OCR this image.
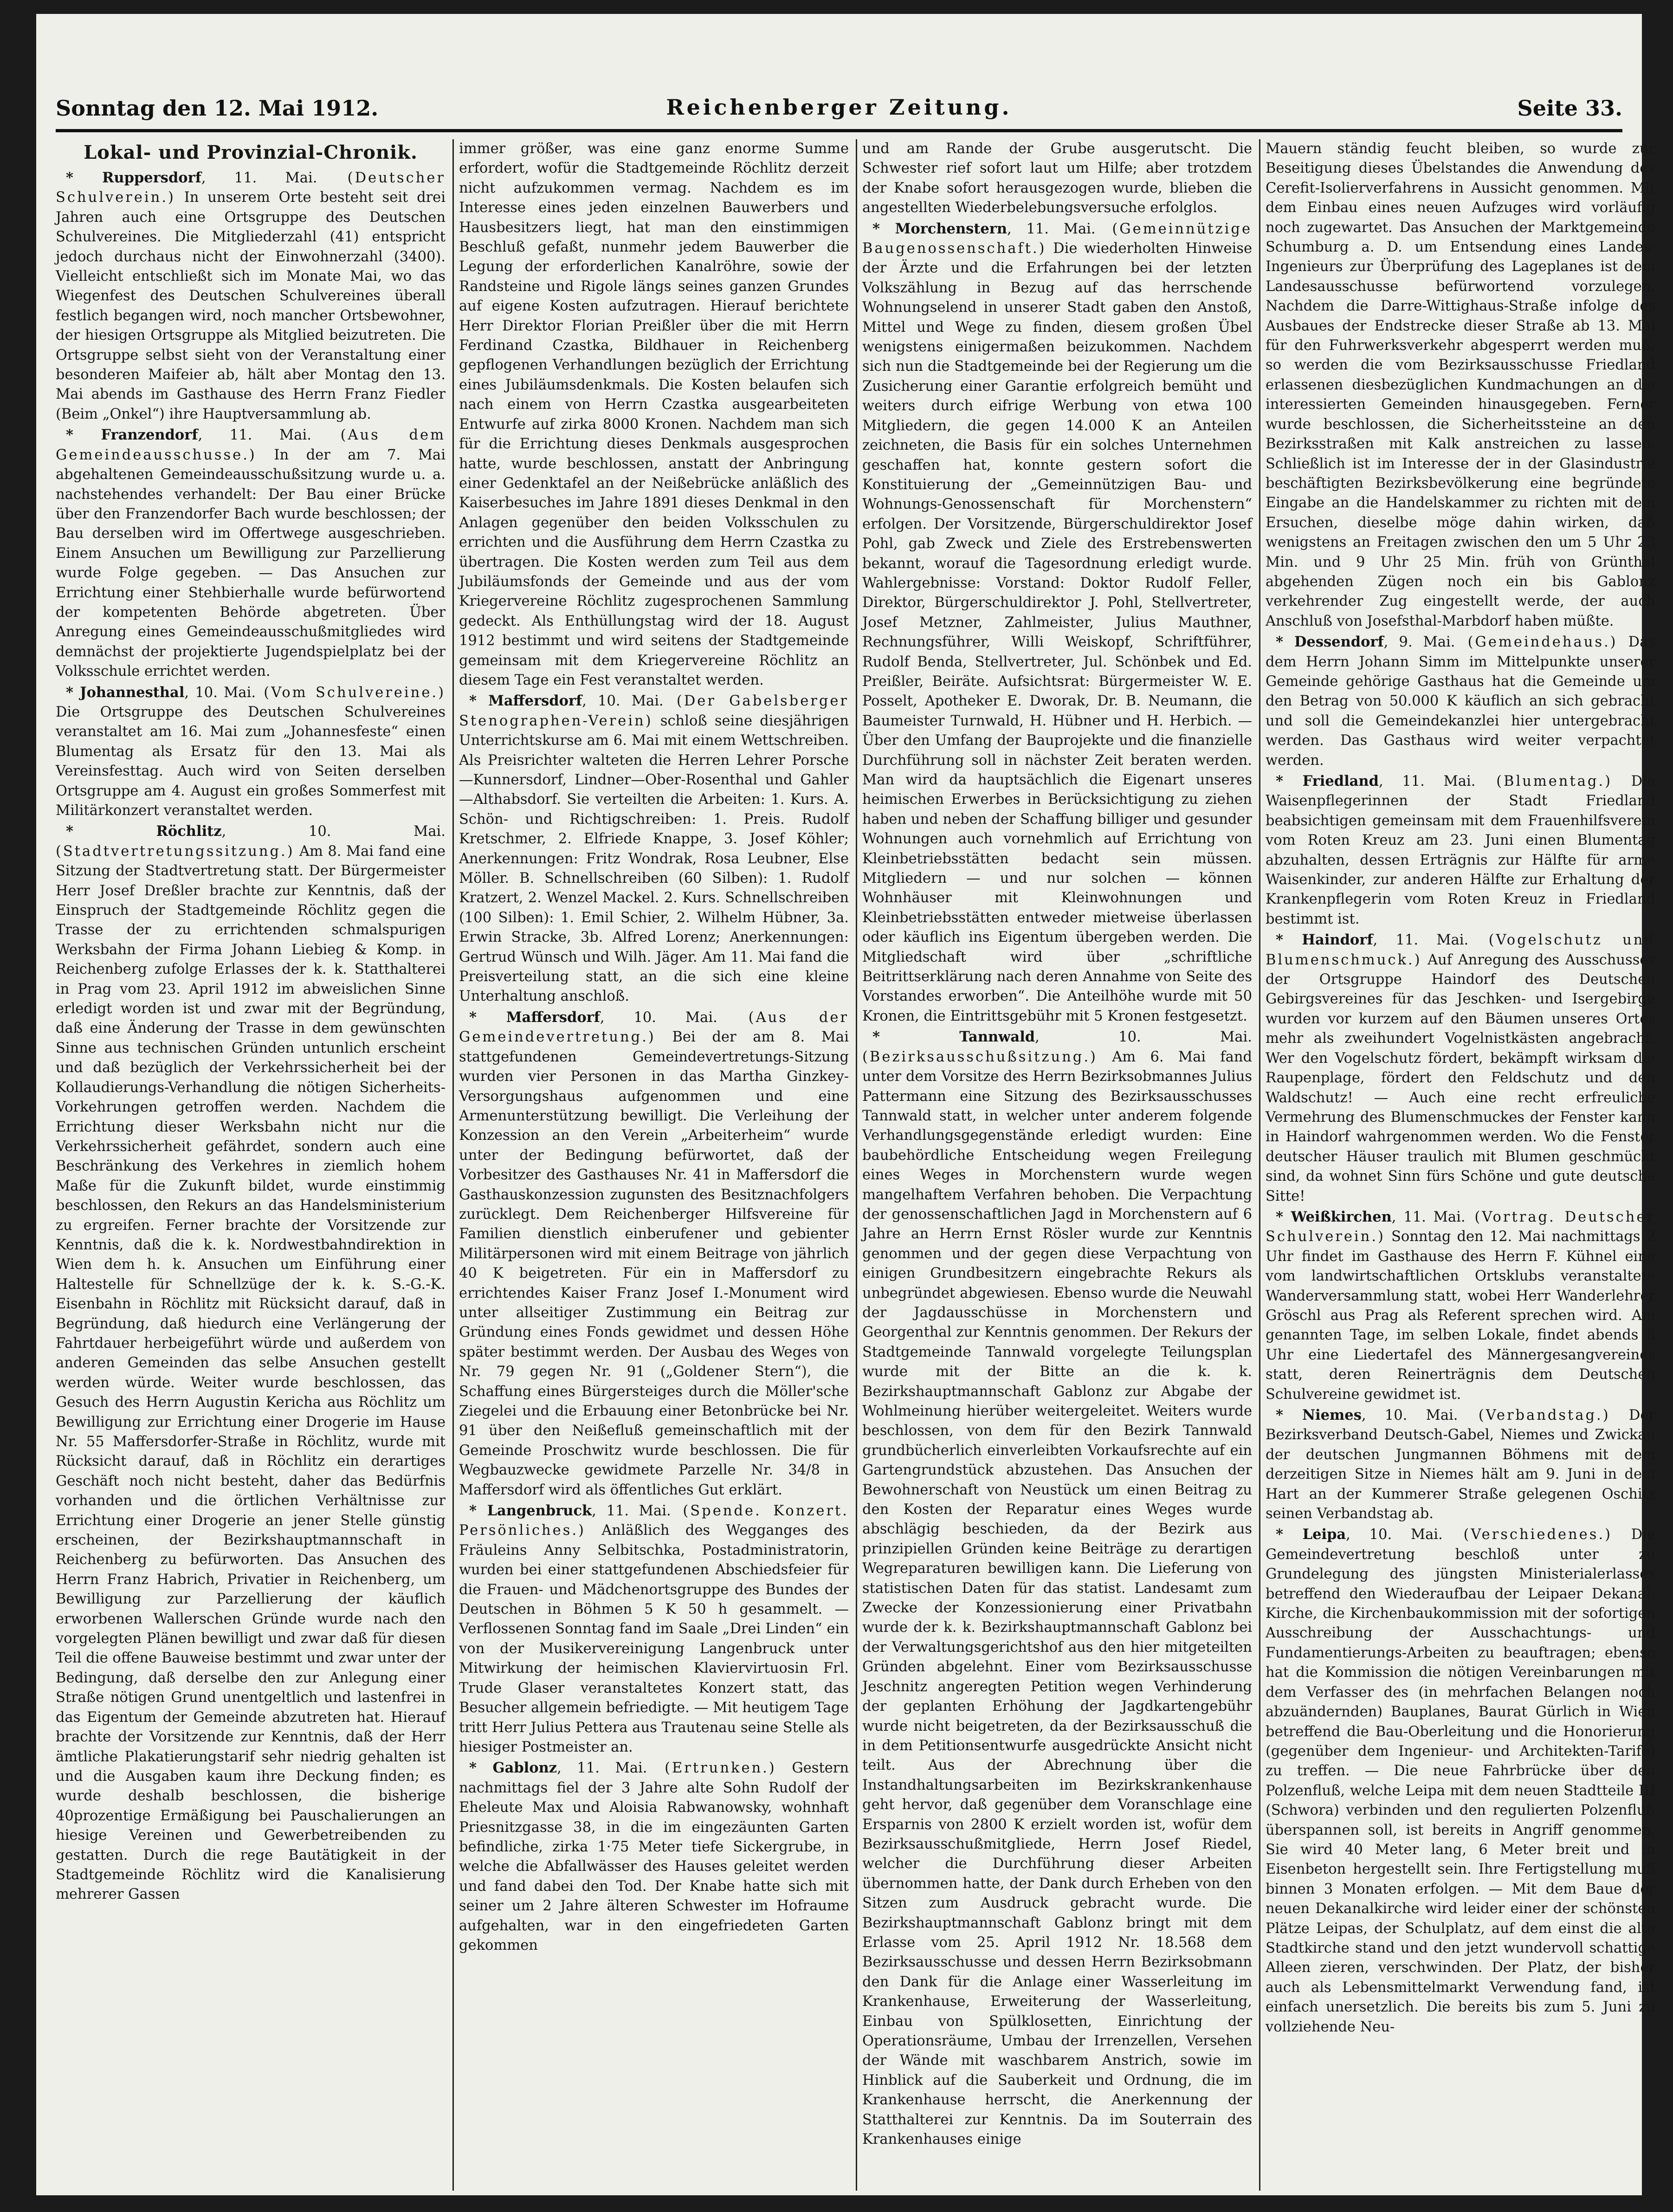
Sonntag den 12. Mai 1912.	Reichenberger Zeitung.	Seite 33.
Lokal- und Provinzial-Chronik.

* Ruppersdorf, 11. Mai. (Deutscher Schulverein.) In unserem Orte besteht seit drei Jahren auch eine Ortsgruppe des Deutschen Schulvereines. Die Mitgliederzahl (41) entspricht jedoch durchaus nicht der Einwohnerzahl (3400). Vielleicht entschließt sich im Monate Mai, wo das Wiegenfest des Deutschen Schulvereines überall festlich begangen wird, noch mancher Ortsbewohner, der hiesigen Ortsgruppe als Mitglied beizutreten. Die Ortsgruppe selbst sieht von der Veranstaltung einer besonderen Maifeier ab, hält aber Montag den 13. Mai abends im Gasthause des Herrn Franz Fiedler (Beim „Onkel“) ihre Hauptversammlung ab.

* Franzendorf, 11. Mai. (Aus dem Gemeindeausschusse.) In der am 7. Mai abgehaltenen Gemeindeausschußsitzung wurde u. a. nachstehendes verhandelt: Der Bau einer Brücke über den Franzendorfer Bach wurde beschlossen; der Bau derselben wird im Offertwege ausgeschrieben. Einem Ansuchen um Bewilligung zur Parzellierung wurde Folge gegeben. — Das Ansuchen zur Errichtung einer Stehbierhalle wurde befürwortend der kompetenten Behörde abgetreten. Über Anregung eines Gemeindeausschußmitgliedes wird demnächst der projektierte Jugendspielplatz bei der Volksschule errichtet werden.

* Johannesthal, 10. Mai. (Vom Schulvereine.) Die Ortsgruppe des Deutschen Schulvereines veranstaltet am 16. Mai zum „Johannesfeste“ einen Blumentag als Ersatz für den 13. Mai als Vereinsfesttag. Auch wird von Seiten derselben Ortsgruppe am 4. August ein großes Sommerfest mit Militärkonzert veranstaltet werden.

* Röchlitz, 10. Mai. (Stadtvertretungssitzung.) Am 8. Mai fand eine Sitzung der Stadtvertretung statt. Der Bürgermeister Herr Josef Dreßler brachte zur Kenntnis, daß der Einspruch der Stadtgemeinde Röchlitz gegen die Trasse der zu errichtenden schmalspurigen Werksbahn der Firma Johann Liebieg & Komp. in Reichenberg zufolge Erlasses der k. k. Statthalterei in Prag vom 23. April 1912 im abweislichen Sinne erledigt worden ist und zwar mit der Begründung, daß eine Änderung der Trasse in dem gewünschten Sinne aus technischen Gründen untunlich erscheint und daß bezüglich der Verkehrssicherheit bei der Kollaudierungs-Verhandlung die nötigen Sicherheits-Vorkehrungen getroffen werden. Nachdem die Errichtung dieser Werksbahn nicht nur die Verkehrssicherheit gefährdet, sondern auch eine Beschränkung des Verkehres in ziemlich hohem Maße für die Zukunft bildet, wurde einstimmig beschlossen, den Rekurs an das Handelsministerium zu ergreifen. Ferner brachte der Vorsitzende zur Kenntnis, daß die k. k. Nordwestbahndirektion in Wien dem h. k. Ansuchen um Einführung einer Haltestelle für Schnellzüge der k. k. S.-G.-K. Eisenbahn in Röchlitz mit Rücksicht darauf, daß in Begründung, daß hiedurch eine Verlängerung der Fahrtdauer herbeigeführt würde und außerdem von anderen Gemeinden das selbe Ansuchen gestellt werden würde. Weiter wurde beschlossen, das Gesuch des Herrn Augustin Kericha aus Röchlitz um Bewilligung zur Errichtung einer Drogerie im Hause Nr. 55 Maffersdorfer-Straße in Röchlitz, wurde mit Rücksicht darauf, daß in Röchlitz ein derartiges Geschäft noch nicht besteht, daher das Bedürfnis vorhanden und die örtlichen Verhältnisse zur Errichtung einer Drogerie an jener Stelle günstig erscheinen, der Bezirkshauptmannschaft in Reichenberg zu befürworten. Das Ansuchen des Herrn Franz Habrich, Privatier in Reichenberg, um Bewilligung zur Parzellierung der käuflich erworbenen Wallerschen Gründe wurde nach den vorgelegten Plänen bewilligt und zwar daß für diesen Teil die offene Bauweise bestimmt und zwar unter der Bedingung, daß derselbe den zur Anlegung einer Straße nötigen Grund unentgeltlich und lastenfrei in das Eigentum der Gemeinde abzutreten hat. Hierauf brachte der Vorsitzende zur Kenntnis, daß der Herr ämtliche Plakatierungstarif sehr niedrig gehalten ist und die Ausgaben kaum ihre Deckung finden; es wurde deshalb beschlossen, die bisherige 40prozentige Ermäßigung bei Pauschalierungen an hiesige Vereinen und Gewerbetreibenden zu gestatten. Durch die rege Bautätigkeit in der Stadtgemeinde Röchlitz wird die Kanalisierung mehrerer Gassen

immer größer, was eine ganz enorme Summe erfordert, wofür die Stadtgemeinde Röchlitz derzeit nicht aufzukommen vermag. Nachdem es im Interesse eines jeden einzelnen Bauwerbers und Hausbesitzers liegt, hat man den einstimmigen Beschluß gefaßt, nunmehr jedem Bauwerber die Legung der erforderlichen Kanalröhre, sowie der Randsteine und Rigole längs seines ganzen Grundes auf eigene Kosten aufzutragen. Hierauf berichtete Herr Direktor Florian Preißler über die mit Herrn Ferdinand Czastka, Bildhauer in Reichenberg gepflogenen Verhandlungen bezüglich der Errichtung eines Jubiläumsdenkmals. Die Kosten belaufen sich nach einem von Herrn Czastka ausgearbeiteten Entwurfe auf zirka 8000 Kronen. Nachdem man sich für die Errichtung dieses Denkmals ausgesprochen hatte, wurde beschlossen, anstatt der Anbringung einer Gedenktafel an der Neißebrücke anläßlich des Kaiserbesuches im Jahre 1891 dieses Denkmal in den Anlagen gegenüber den beiden Volksschulen zu errichten und die Ausführung dem Herrn Czastka zu übertragen. Die Kosten werden zum Teil aus dem Jubiläumsfonds der Gemeinde und aus der vom Kriegervereine Röchlitz zugesprochenen Sammlung gedeckt. Als Enthüllungstag wird der 18. August 1912 bestimmt und wird seitens der Stadtgemeinde gemeinsam mit dem Kriegervereine Röchlitz an diesem Tage ein Fest veranstaltet werden.

* Maffersdorf, 10. Mai. (Der Gabelsberger Stenographen-Verein) schloß seine diesjährigen Unterrichtskurse am 6. Mai mit einem Wettschreiben. Als Preisrichter walteten die Herren Lehrer Porsche—Kunnersdorf, Lindner—Ober-Rosenthal und Gahler—Althabsdorf. Sie verteilten die Arbeiten: 1. Kurs. A. Schön- und Richtigschreiben: 1. Preis. Rudolf Kretschmer, 2. Elfriede Knappe, 3. Josef Köhler; Anerkennungen: Fritz Wondrak, Rosa Leubner, Else Möller. B. Schnellschreiben (60 Silben): 1. Rudolf Kratzert, 2. Wenzel Mackel. 2. Kurs. Schnellschreiben (100 Silben): 1. Emil Schier, 2. Wilhelm Hübner, 3a. Erwin Stracke, 3b. Alfred Lorenz; Anerkennungen: Gertrud Wünsch und Wilh. Jäger. Am 11. Mai fand die Preisverteilung statt, an die sich eine kleine Unterhaltung anschloß.

* Maffersdorf, 10. Mai. (Aus der Gemeindevertretung.) Bei der am 8. Mai stattgefundenen Gemeindevertretungs-Sitzung wurden vier Personen in das Martha Ginzkey-Versorgungshaus aufgenommen und eine Armenunterstützung bewilligt. Die Verleihung der Konzession an den Verein „Arbeiterheim“ wurde unter der Bedingung befürwortet, daß der Vorbesitzer des Gasthauses Nr. 41 in Maffersdorf die Gasthauskonzession zugunsten des Besitznachfolgers zurücklegt. Dem Reichenberger Hilfsvereine für Familien dienstlich einberufener und gebienter Militärpersonen wird mit einem Beitrage von jährlich 40 K beigetreten. Für ein in Maffersdorf zu errichtendes Kaiser Franz Josef I.-Monument wird unter allseitiger Zustimmung ein Beitrag zur Gründung eines Fonds gewidmet und dessen Höhe später bestimmt werden. Der Ausbau des Weges von Nr. 79 gegen Nr. 91 („Goldener Stern“), die Schaffung eines Bürgersteiges durch die Möller'sche Ziegelei und die Erbauung einer Betonbrücke bei Nr. 91 über den Neißefluß gemeinschaftlich mit der Gemeinde Proschwitz wurde beschlossen. Die für Wegbauzwecke gewidmete Parzelle Nr. 34/8 in Maffersdorf wird als öffentliches Gut erklärt.

* Langenbruck, 11. Mai. (Spende. Konzert. Persönliches.) Anläßlich des Wegganges des Fräuleins Anny Selbitschka, Postadministratorin, wurden bei einer stattgefundenen Abschiedsfeier für die Frauen- und Mädchenortsgruppe des Bundes der Deutschen in Böhmen 5 K 50 h gesammelt. — Verflossenen Sonntag fand im Saale „Drei Linden“ ein von der Musikervereinigung Langenbruck unter Mitwirkung der heimischen Klaviervirtuosin Frl. Trude Glaser veranstaltetes Konzert statt, das Besucher allgemein befriedigte. — Mit heutigem Tage tritt Herr Julius Pettera aus Trautenau seine Stelle als hiesiger Postmeister an.

* Gablonz, 11. Mai. (Ertrunken.) Gestern nachmittags fiel der 3 Jahre alte Sohn Rudolf der Eheleute Max und Aloisia Rabwanowsky, wohnhaft Priesnitzgasse 38, in die im eingezäunten Garten befindliche, zirka 1·75 Meter tiefe Sickergrube, in welche die Abfallwässer des Hauses geleitet werden und fand dabei den Tod. Der Knabe hatte sich mit seiner um 2 Jahre älteren Schwester im Hofraume aufgehalten, war in den eingefriedeten Garten gekommen

und am Rande der Grube ausgerutscht. Die Schwester rief sofort laut um Hilfe; aber trotzdem der Knabe sofort herausgezogen wurde, blieben die angestellten Wiederbelebungsversuche erfolglos.

* Morchenstern, 11. Mai. (Gemeinnützige Baugenossenschaft.) Die wiederholten Hinweise der Ärzte und die Erfahrungen bei der letzten Volkszählung in Bezug auf das herrschende Wohnungselend in unserer Stadt gaben den Anstoß, Mittel und Wege zu finden, diesem großen Übel wenigstens einigermaßen beizukommen. Nachdem sich nun die Stadtgemeinde bei der Regierung um die Zusicherung einer Garantie erfolgreich bemüht und weiters durch eifrige Werbung von etwa 100 Mitgliedern, die gegen 14.000 K an Anteilen zeichneten, die Basis für ein solches Unternehmen geschaffen hat, konnte gestern sofort die Konstituierung der „Gemeinnützigen Bau- und Wohnungs-Genossenschaft für Morchenstern“ erfolgen. Der Vorsitzende, Bürgerschuldirektor Josef Pohl, gab Zweck und Ziele des Erstrebenswerten bekannt, worauf die Tagesordnung erledigt wurde. Wahlergebnisse: Vorstand: Doktor Rudolf Feller, Direktor, Bürgerschuldirektor J. Pohl, Stellvertreter, Josef Metzner, Zahlmeister, Julius Mauthner, Rechnungsführer, Willi Weiskopf, Schriftführer, Rudolf Benda, Stellvertreter, Jul. Schönbek und Ed. Preißler, Beiräte. Aufsichtsrat: Bürgermeister W. E. Posselt, Apotheker E. Dworak, Dr. B. Neumann, die Baumeister Turnwald, H. Hübner und H. Herbich. — Über den Umfang der Bauprojekte und die finanzielle Durchführung soll in nächster Zeit beraten werden. Man wird da hauptsächlich die Eigenart unseres heimischen Erwerbes in Berücksichtigung zu ziehen haben und neben der Schaffung billiger und gesunder Wohnungen auch vornehmlich auf Errichtung von Kleinbetriebsstätten bedacht sein müssen. Mitgliedern — und nur solchen — können Wohnhäuser mit Kleinwohnungen und Kleinbetriebsstätten entweder mietweise überlassen oder käuflich ins Eigentum übergeben werden. Die Mitgliedschaft wird über „schriftliche Beitrittserklärung nach deren Annahme von Seite des Vorstandes erworben“. Die Anteilhöhe wurde mit 50 Kronen, die Eintrittsgebühr mit 5 Kronen festgesetzt.

* Tannwald, 10. Mai. (Bezirksausschußsitzung.) Am 6. Mai fand unter dem Vorsitze des Herrn Bezirksobmannes Julius Pattermann eine Sitzung des Bezirksausschusses Tannwald statt, in welcher unter anderem folgende Verhandlungsgegenstände erledigt wurden: Eine baubehördliche Entscheidung wegen Freilegung eines Weges in Morchenstern wurde wegen mangelhaftem Verfahren behoben. Die Verpachtung der genossenschaftlichen Jagd in Morchenstern auf 6 Jahre an Herrn Ernst Rösler wurde zur Kenntnis genommen und der gegen diese Verpachtung von einigen Grundbesitzern eingebrachte Rekurs als unbegründet abgewiesen. Ebenso wurde die Neuwahl der Jagdausschüsse in Morchenstern und Georgenthal zur Kenntnis genommen. Der Rekurs der Stadtgemeinde Tannwald vorgelegte Teilungsplan wurde mit der Bitte an die k. k. Bezirkshauptmannschaft Gablonz zur Abgabe der Wohlmeinung hierüber weitergeleitet. Weiters wurde beschlossen, von dem für den Bezirk Tannwald grundbücherlich einverleibten Vorkaufsrechte auf ein Gartengrundstück abzustehen. Das Ansuchen der Bewohnerschaft von Neustück um einen Beitrag zu den Kosten der Reparatur eines Weges wurde abschlägig beschieden, da der Bezirk aus prinzipiellen Gründen keine Beiträge zu derartigen Wegreparaturen bewilligen kann. Die Lieferung von statistischen Daten für das statist. Landesamt zum Zwecke der Konzessionierung einer Privatbahn wurde der k. k. Bezirkshauptmannschaft Gablonz bei der Verwaltungsgerichtshof aus den hier mitgeteilten Gründen abgelehnt. Einer vom Bezirksausschusse Jeschnitz angeregten Petition wegen Verhinderung der geplanten Erhöhung der Jagdkartengebühr wurde nicht beigetreten, da der Bezirksausschuß die in dem Petitionsentwurfe ausgedrückte Ansicht nicht teilt. Aus der Abrechnung über die Instandhaltungsarbeiten im Bezirkskrankenhause geht hervor, daß gegenüber dem Voranschlage eine Ersparnis von 2800 K erzielt worden ist, wofür dem Bezirksausschußmitgliede, Herrn Josef Riedel, welcher die Durchführung dieser Arbeiten übernommen hatte, der Dank durch Erheben von den Sitzen zum Ausdruck gebracht wurde. Die Bezirkshauptmannschaft Gablonz bringt mit dem Erlasse vom 25. April 1912 Nr. 18.568 dem Bezirksausschusse und dessen Herrn Bezirksobmann den Dank für die Anlage einer Wasserleitung im Krankenhause, Erweiterung der Wasserleitung, Einbau von Spülklosetten, Einrichtung der Operationsräume, Umbau der Irrenzellen, Versehen der Wände mit waschbarem Anstrich, sowie im Hinblick auf die Sauberkeit und Ordnung, die im Krankenhause herrscht, die Anerkennung der Statthalterei zur Kenntnis. Da im Souterrain des Krankenhauses einige

Mauern ständig feucht bleiben, so wurde zur Beseitigung dieses Übelstandes die Anwendung des Cerefit-Isolierverfahrens in Aussicht genommen. Mit dem Einbau eines neuen Aufzuges wird vorläufig noch zugewartet. Das Ansuchen der Marktgemeinde Schumburg a. D. um Entsendung eines Landes-Ingenieurs zur Überprüfung des Lageplanes ist dem Landesausschusse befürwortend vorzulegen. Nachdem die Darre-Wittighaus-Straße infolge des Ausbaues der Endstrecke dieser Straße ab 13. Mai für den Fuhrwerksverkehr abgesperrt werden muß, so werden die vom Bezirksausschusse Friedland erlassenen diesbezüglichen Kundmachungen an die interessierten Gemeinden hinausgegeben. Ferner wurde beschlossen, die Sicherheitssteine an den Bezirksstraßen mit Kalk anstreichen zu lassen. Schließlich ist im Interesse der in der Glasindustrie beschäftigten Bezirksbevölkerung eine begründete Eingabe an die Handelskammer zu richten mit dem Ersuchen, dieselbe möge dahin wirken, daß wenigstens an Freitagen zwischen den um 5 Uhr 23 Min. und 9 Uhr 25 Min. früh von Grünthal abgehenden Zügen noch ein bis Gablonz verkehrender Zug eingestellt werde, der auch Anschluß von Josefsthal-Marbdorf haben müßte.

* Dessendorf, 9. Mai. (Gemeindehaus.) Das dem Herrn Johann Simm im Mittelpunkte unserer Gemeinde gehörige Gasthaus hat die Gemeinde um den Betrag von 50.000 K käuflich an sich gebracht und soll die Gemeindekanzlei hier untergebracht werden. Das Gasthaus wird weiter verpachtet werden.

* Friedland, 11. Mai. (Blumentag.) Die Waisenpflegerinnen der Stadt Friedland beabsichtigen gemeinsam mit dem Frauenhilfsverein vom Roten Kreuz am 23. Juni einen Blumentag abzuhalten, dessen Erträgnis zur Hälfte für arme Waisenkinder, zur anderen Hälfte zur Erhaltung der Krankenpflegerin vom Roten Kreuz in Friedland bestimmt ist.

* Haindorf, 11. Mai. (Vogelschutz und Blumenschmuck.) Auf Anregung des Ausschusses der Ortsgruppe Haindorf des Deutschen Gebirgsvereines für das Jeschken- und Isergebirge wurden vor kurzem auf den Bäumen unseres Ortes mehr als zweihundert Vogelnistkästen angebracht. Wer den Vogelschutz fördert, bekämpft wirksam die Raupenplage, fördert den Feldschutz und den Waldschutz! — Auch eine recht erfreuliche Vermehrung des Blumenschmuckes der Fenster kann in Haindorf wahrgenommen werden. Wo die Fenster deutscher Häuser traulich mit Blumen geschmückt sind, da wohnet Sinn fürs Schöne und gute deutsche Sitte!

* Weißkirchen, 11. Mai. (Vortrag. Deutscher Schulverein.) Sonntag den 12. Mai nachmittags 2 Uhr findet im Gasthause des Herrn F. Kühnel eine vom landwirtschaftlichen Ortsklubs veranstaltete Wanderversammlung statt, wobei Herr Wanderlehrer Gröschl aus Prag als Referent sprechen wird. Am genannten Tage, im selben Lokale, findet abends 8 Uhr eine Liedertafel des Männergesangvereines statt, deren Reinerträgnis dem Deutschen Schulvereine gewidmet ist.

* Niemes, 10. Mai. (Verbandstag.) Der Bezirksverband Deutsch-Gabel, Niemes und Zwickau der deutschen Jungmannen Böhmens mit dem derzeitigen Sitze in Niemes hält am 9. Juni in dem Hart an der Kummerer Straße gelegenen Oschitz seinen Verbandstag ab.

* Leipa, 10. Mai. (Verschiedenes.) Die Gemeindevertretung beschloß unter zu Grundelegung des jüngsten Ministerialerlasses betreffend den Wiederaufbau der Leipaer Dekanal-Kirche, die Kirchenbaukommission mit der sofortigen Ausschreibung der Ausschachtungs- und Fundamentierungs-Arbeiten zu beauftragen; ebenso hat die Kommission die nötigen Vereinbarungen mit dem Verfasser des (in mehrfachen Belangen noch abzuändernden) Bauplanes, Baurat Gürlich in Wien betreffend die Bau-Oberleitung und die Honorierung (gegenüber dem Ingenieur- und Architekten-Tarife) zu treffen. — Die neue Fahrbrücke über den Polzenfluß, welche Leipa mit dem neuen Stadtteile III (Schwora) verbinden und den regulierten Polzenfluß überspannen soll, ist bereits in Angriff genommen. Sie wird 40 Meter lang, 6 Meter breit und in Eisenbeton hergestellt sein. Ihre Fertigstellung muß binnen 3 Monaten erfolgen. — Mit dem Baue der neuen Dekanalkirche wird leider einer der schönsten Plätze Leipas, der Schulplatz, auf dem einst die alte Stadtkirche stand und den jetzt wundervoll schattige Alleen zieren, verschwinden. Der Platz, der bisher auch als Lebensmittelmarkt Verwendung fand, ist einfach unersetzlich. Die bereits bis zum 5. Juni zu vollziehende Neu-
